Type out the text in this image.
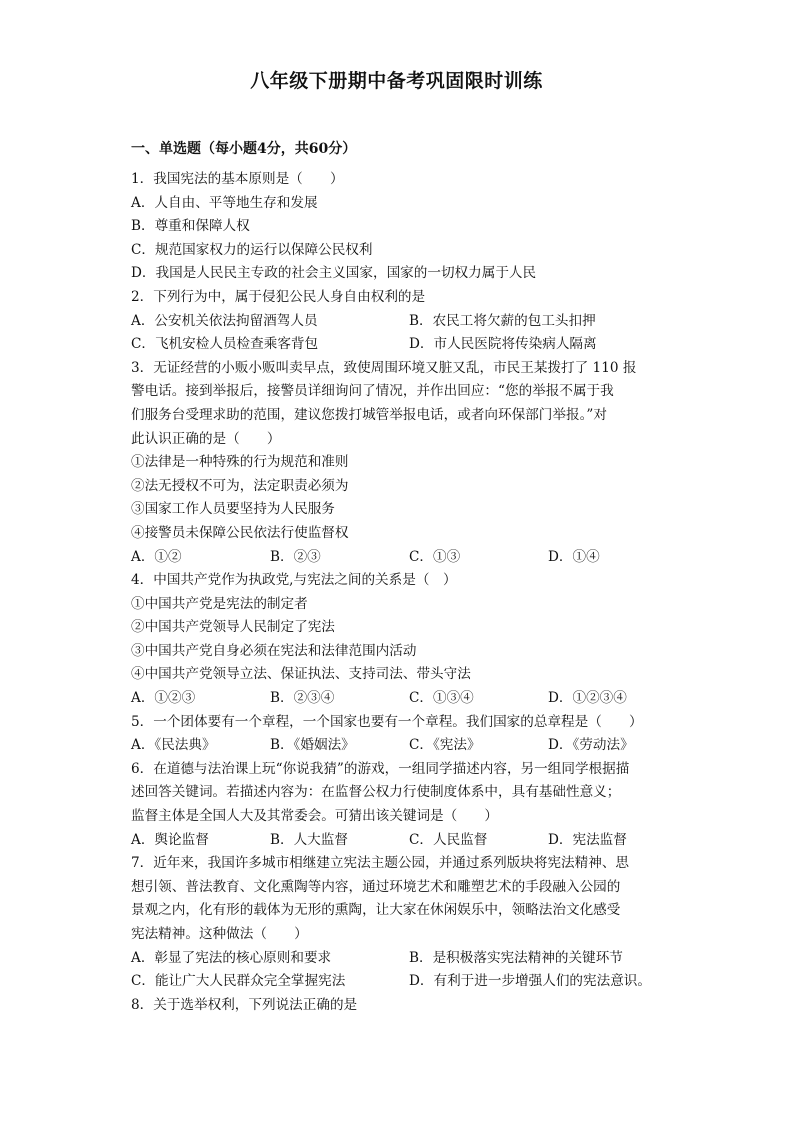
八年级下册期中备考巩固限时训练
一、单选题（每小题4分，共60分）
1．我国宪法的基本原则是（　　）
A．人自由、平等地生存和发展
B．尊重和保障人权
C．规范国家权力的运行以保障公民权利
D．我国是人民民主专政的社会主义国家，国家的一切权力属于人民
2．下列行为中，属于侵犯公民人身自由权利的是
A．公安机关依法拘留酒驾人员	B．农民工将欠薪的包工头扣押
C．飞机安检人员检查乘客背包	D．市人民医院将传染病人隔离
3．无证经营的小贩小贩叫卖早点，致使周围环境又脏又乱，市民王某拨打了 110 报
警电话。接到举报后，接警员详细询问了情况，并作出回应：“您的举报不属于我
们服务台受理求助的范围，建议您拨打城管举报电话，或者向环保部门举报。”对
此认识正确的是（　　）
①法律是一种特殊的行为规范和准则
②法无授权不可为，法定职责必须为
③国家工作人员要坚持为人民服务
④接警员未保障公民依法行使监督权
A．①②	B．②③	C．①③	D．①④
4．中国共产党作为执政党,与宪法之间的关系是（　）
①中国共产党是宪法的制定者
②中国共产党领导人民制定了宪法
③中国共产党自身必须在宪法和法律范围内活动
④中国共产党领导立法、保证执法、支持司法、带头守法
A．①②③	B．②③④	C．①③④	D．①②③④
5．一个团体要有一个章程，一个国家也要有一个章程。我们国家的总章程是（　　）
A．《民法典》	B．《婚姻法》	C．《宪法》	D．《劳动法》
6．在道德与法治课上玩“你说我猜”的游戏，一组同学描述内容，另一组同学根据描
述回答关键词。若描述内容为：在监督公权力行使制度体系中，具有基础性意义；
监督主体是全国人大及其常委会。可猜出该关键词是（　　）
A．舆论监督	B．人大监督	C．人民监督	D．宪法监督
7．近年来，我国许多城市相继建立宪法主题公园，并通过系列版块将宪法精神、思
想引领、普法教育、文化熏陶等内容，通过环境艺术和雕塑艺术的手段融入公园的
景观之内，化有形的载体为无形的熏陶，让大家在休闲娱乐中，领略法治文化感受
宪法精神。这种做法（　　）
A．彰显了宪法的核心原则和要求	B．是积极落实宪法精神的关键环节
C．能让广大人民群众完全掌握宪法	D．有利于进一步增强人们的宪法意识。
8．关于选举权利，下列说法正确的是
